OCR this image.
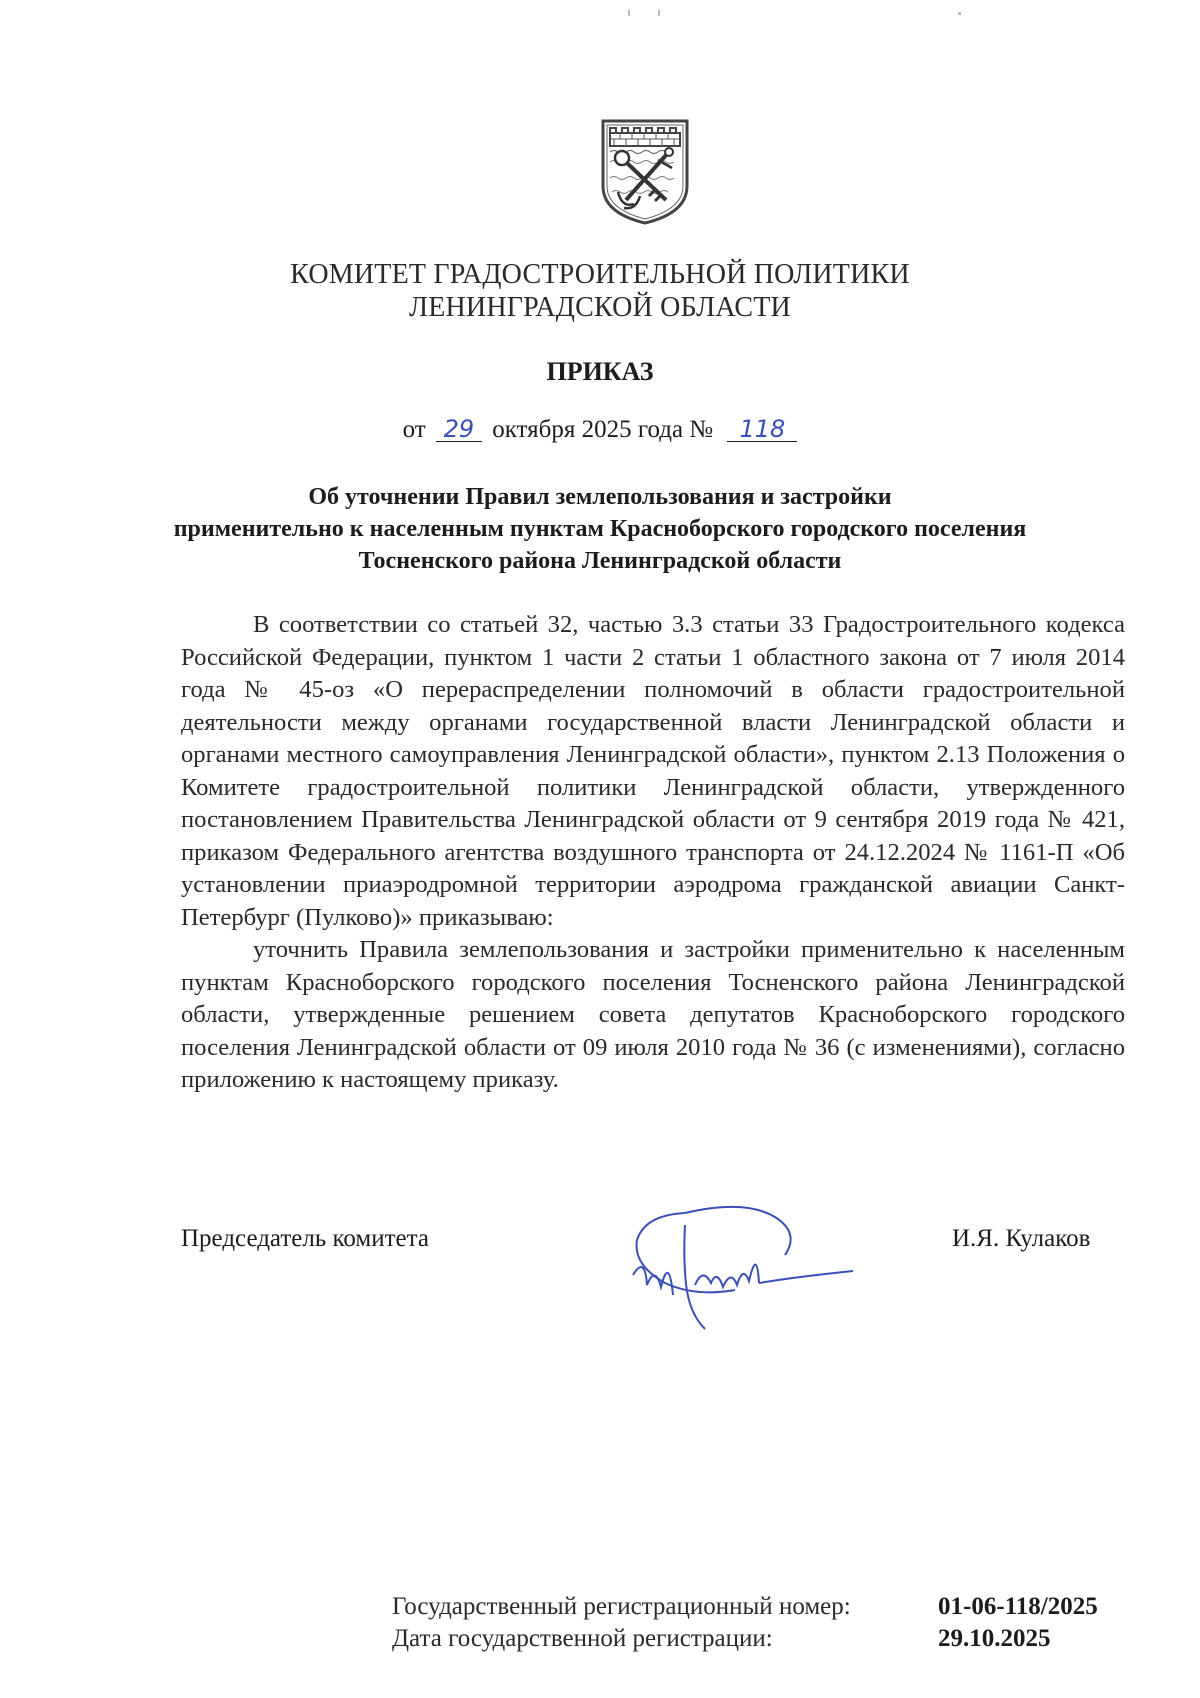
КОМИТЕТ ГРАДОСТРОИТЕЛЬНОЙ ПОЛИТИКИ
ЛЕНИНГРАДСКОЙ ОБЛАСТИ
ПРИКАЗ
от 29 октября 2025 года № 118
Об уточнении Правил землепользования и застройки
применительно к населенным пунктам Красноборского городского поселения
Тосненского района Ленинградской области

В соответствии со статьей 32, частью 3.3 статьи 33 Градостроительного кодекса Российской Федерации, пунктом 1 части 2 статьи 1 областного закона от 7 июля 2014 года № 45-оз «О перераспределении полномочий в области градостроительной деятельности между органами государственной власти Ленинградской области и органами местного самоуправления Ленинградской области», пунктом 2.13 Положения о Комитете градостроительной политики Ленинградской области, утвержденного постановлением Правительства Ленинградской области от 9 сентября 2019 года № 421, приказом Федерального агентства воздушного транспорта от 24.12.2024 № 1161-П «Об установлении приаэродромной территории аэродрома гражданской авиации Санкт-Петербург (Пулково)» приказываю:

уточнить Правила землепользования и застройки применительно к населенным пунктам Красноборского городского поселения Тосненского района Ленинградской области, утвержденные решением совета депутатов Красноборского городского поселения Ленинградской области от 09 июля 2010 года № 36 (с изменениями), согласно приложению к настоящему приказу.

Председатель комитета	И.Я. Кулаков
Государственный регистрационный номер:
Дата государственной регистрации:
01-06-118/2025
29.10.2025
